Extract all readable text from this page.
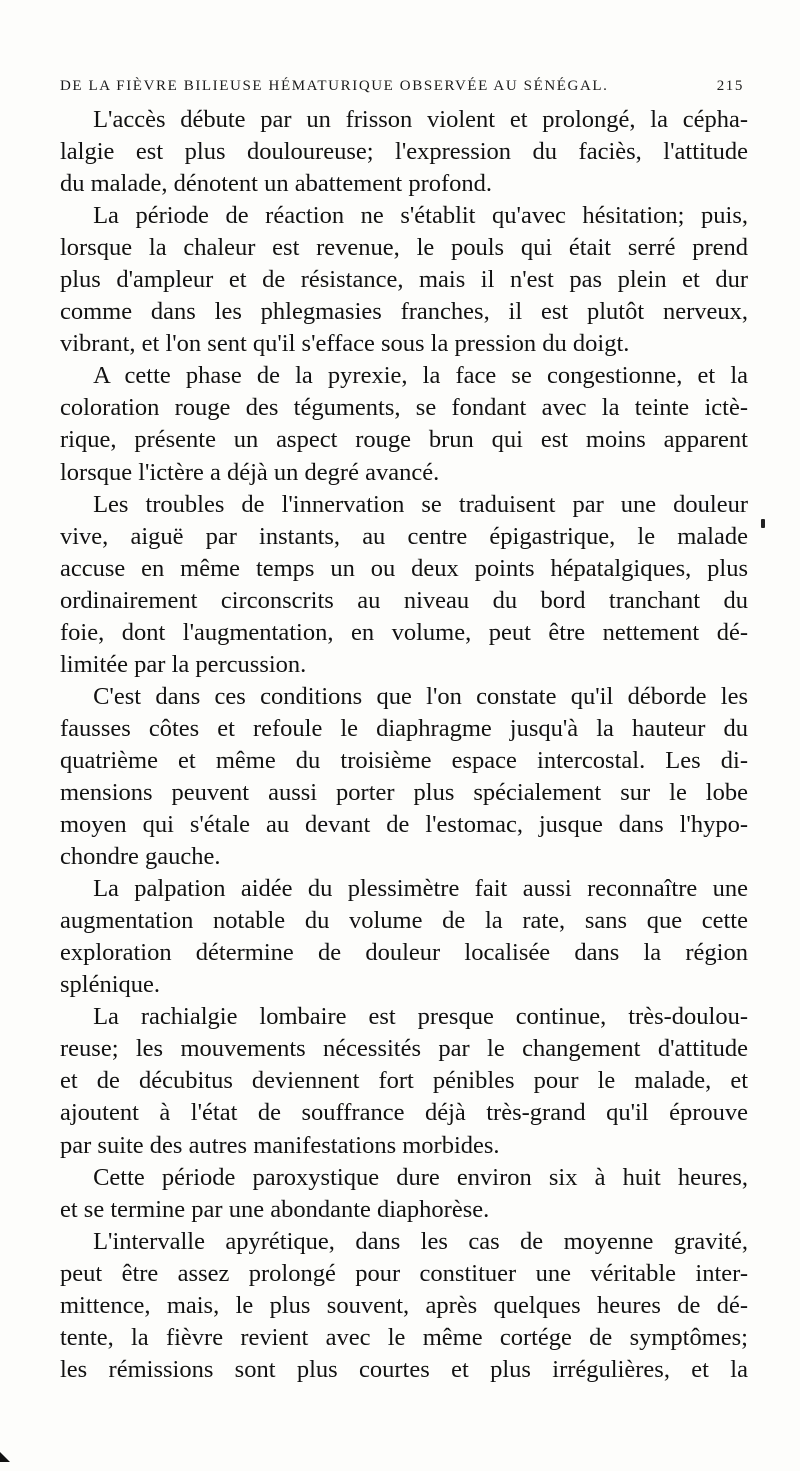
DE LA FIÈVRE BILIEUSE HÉMATURIQUE OBSERVÉE AU SÉNÉGAL.	215

L'accès débute par un frisson violent et prolongé, la cépha-
lalgie est plus douloureuse; l'expression du faciès, l'attitude
du malade, dénotent un abattement profond.

La période de réaction ne s'établit qu'avec hésitation; puis,
lorsque la chaleur est revenue, le pouls qui était serré prend
plus d'ampleur et de résistance, mais il n'est pas plein et dur
comme dans les phlegmasies franches, il est plutôt nerveux,
vibrant, et l'on sent qu'il s'efface sous la pression du doigt.

A cette phase de la pyrexie, la face se congestionne, et la
coloration rouge des téguments, se fondant avec la teinte ictè-
rique, présente un aspect rouge brun qui est moins apparent
lorsque l'ictère a déjà un degré avancé.

Les troubles de l'innervation se traduisent par une douleur
vive, aiguë par instants, au centre épigastrique, le malade
accuse en même temps un ou deux points hépatalgiques, plus
ordinairement circonscrits au niveau du bord tranchant du
foie, dont l'augmentation, en volume, peut être nettement dé-
limitée par la percussion.

C'est dans ces conditions que l'on constate qu'il déborde les
fausses côtes et refoule le diaphragme jusqu'à la hauteur du
quatrième et même du troisième espace intercostal. Les di-
mensions peuvent aussi porter plus spécialement sur le lobe
moyen qui s'étale au devant de l'estomac, jusque dans l'hypo-
chondre gauche.

La palpation aidée du plessimètre fait aussi reconnaître une
augmentation notable du volume de la rate, sans que cette
exploration détermine de douleur localisée dans la région
splénique.

La rachialgie lombaire est presque continue, très-doulou-
reuse; les mouvements nécessités par le changement d'attitude
et de décubitus deviennent fort pénibles pour le malade, et
ajoutent à l'état de souffrance déjà très-grand qu'il éprouve
par suite des autres manifestations morbides.

Cette période paroxystique dure environ six à huit heures,
et se termine par une abondante diaphorèse.

L'intervalle apyrétique, dans les cas de moyenne gravité,
peut être assez prolongé pour constituer une véritable inter-
mittence, mais, le plus souvent, après quelques heures de dé-
tente, la fièvre revient avec le même cortége de symptômes;
les rémissions sont plus courtes et plus irrégulières, et la
